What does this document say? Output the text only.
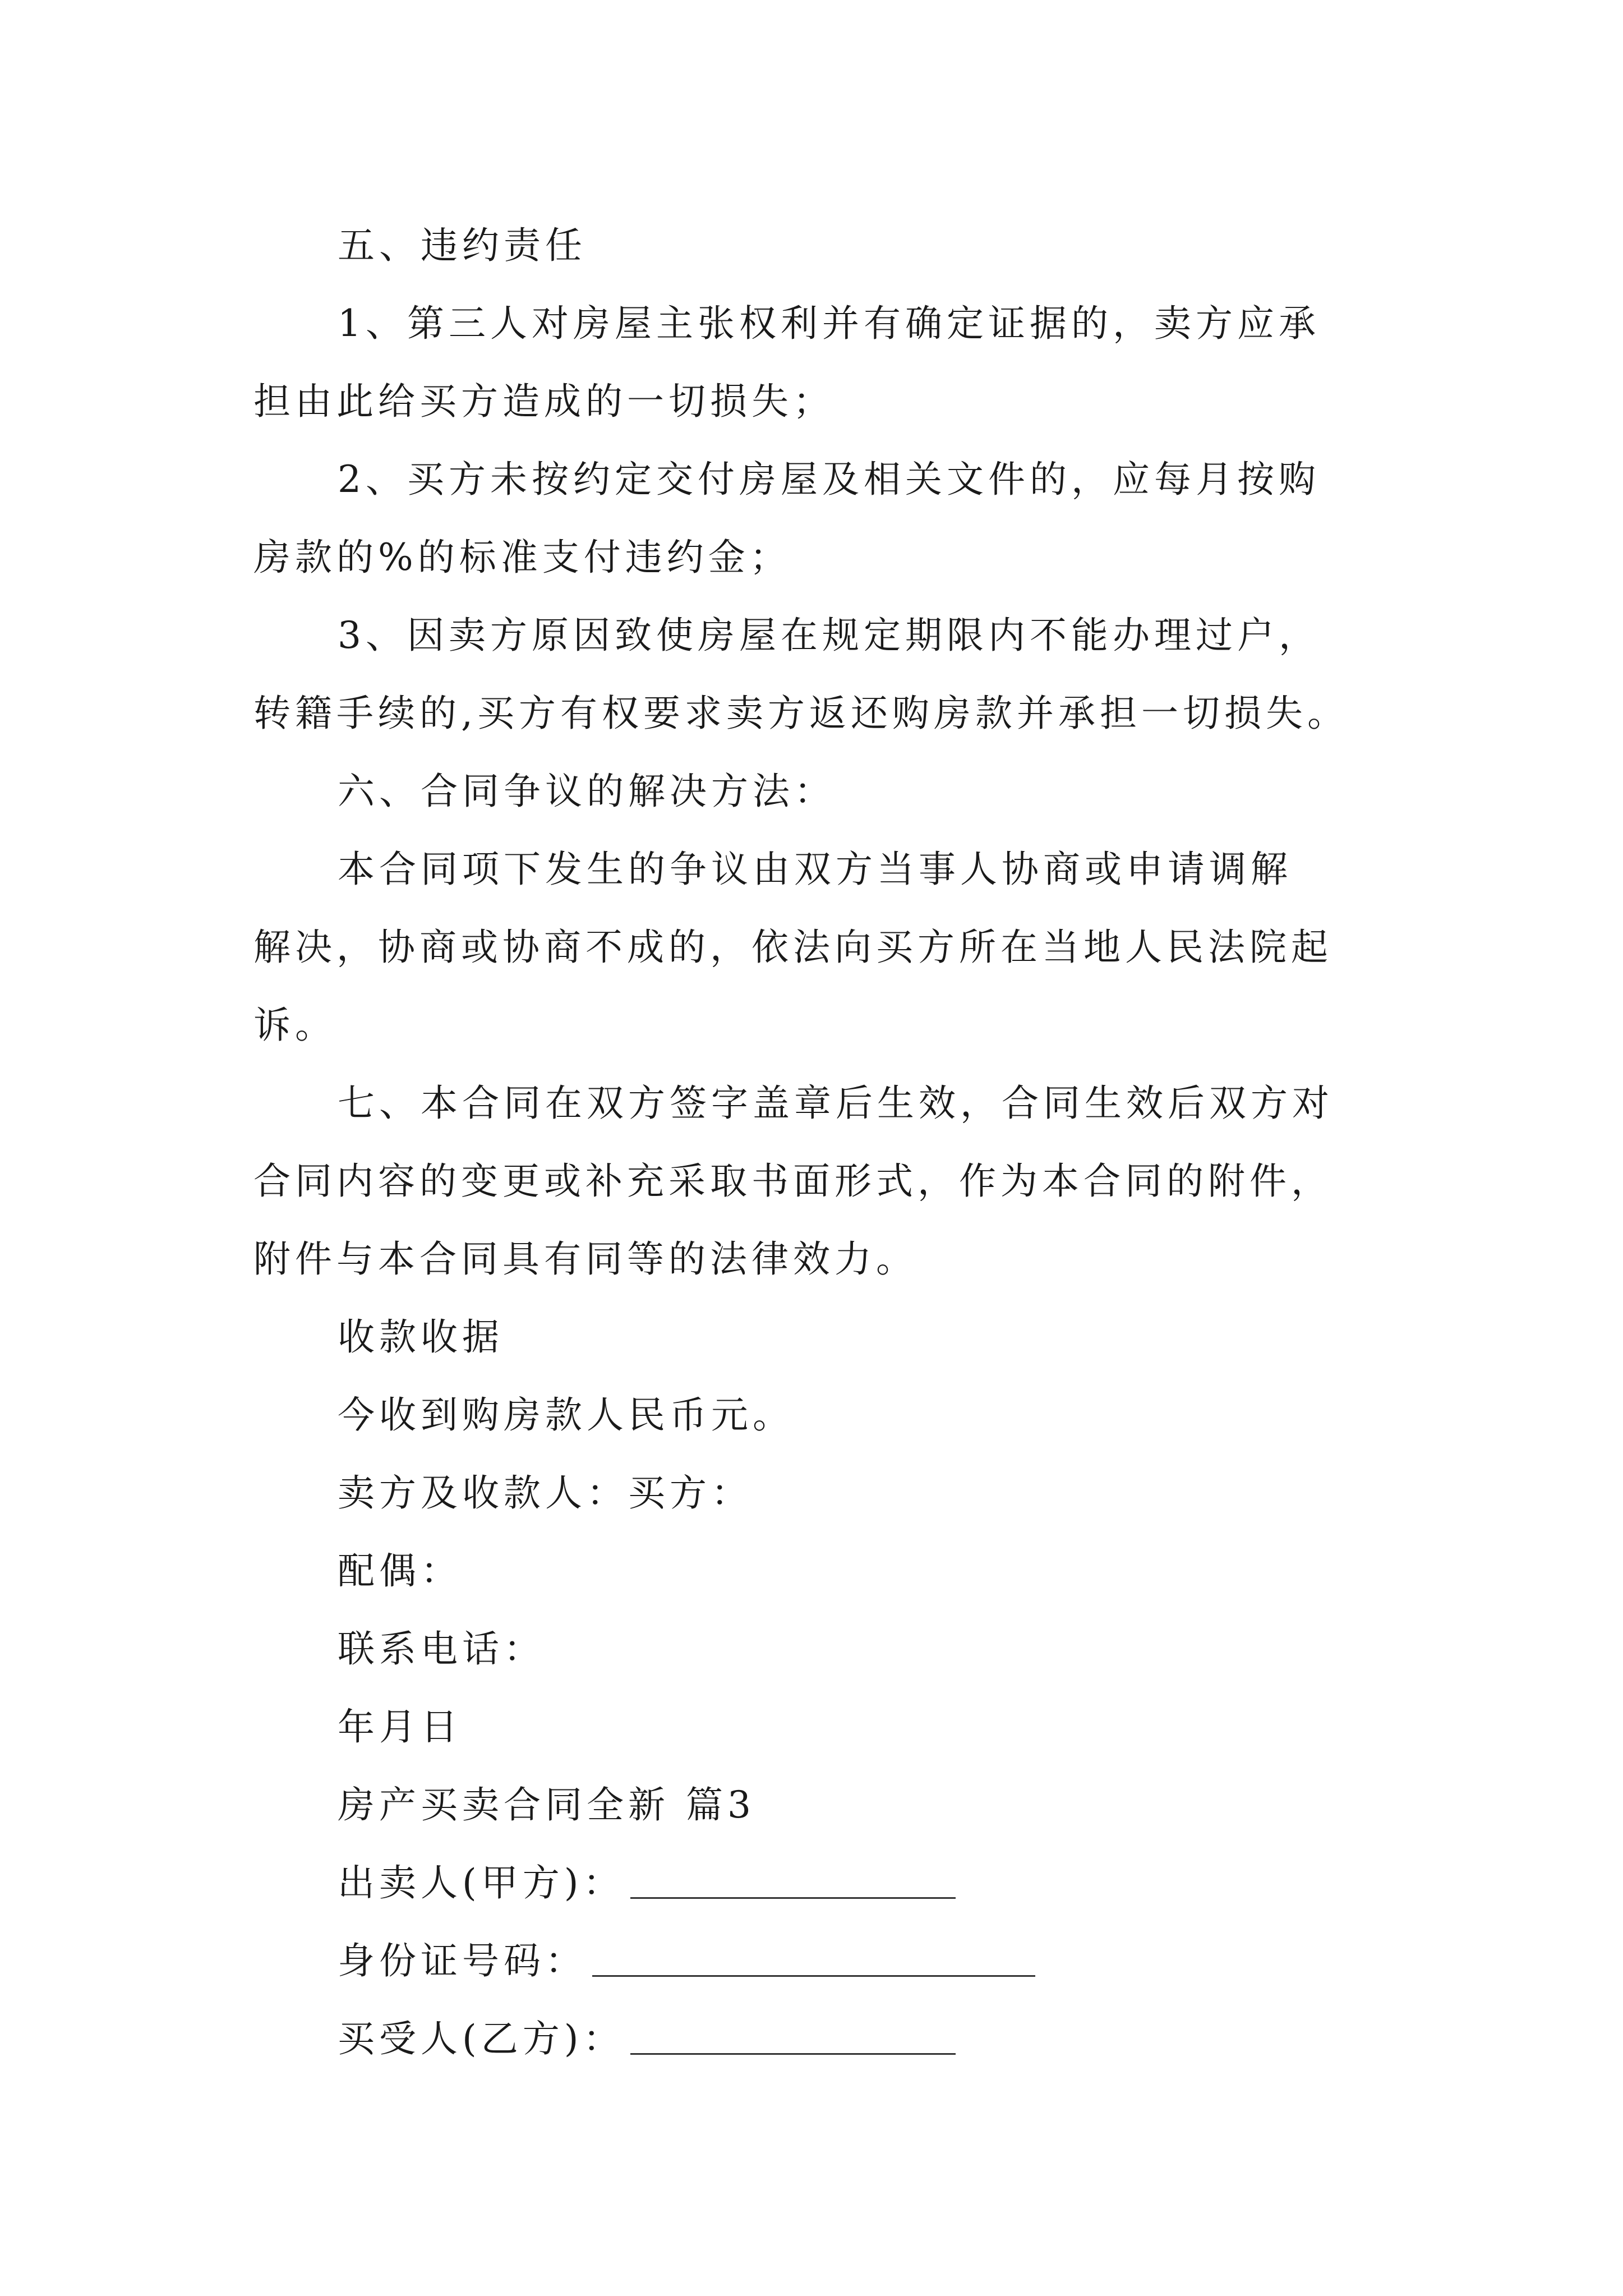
五、违约责任
1、第三人对房屋主张权利并有确定证据的，卖方应承
担由此给买方造成的一切损失；
2、买方未按约定交付房屋及相关文件的，应每月按购
房款的%的标准支付违约金；
3、因卖方原因致使房屋在规定期限内不能办理过户，
转籍手续的,买方有权要求卖方返还购房款并承担一切损失。
六、合同争议的解决方法：
本合同项下发生的争议由双方当事人协商或申请调解
解决，协商或协商不成的，依法向买方所在当地人民法院起
诉。
七、本合同在双方签字盖章后生效，合同生效后双方对
合同内容的变更或补充采取书面形式，作为本合同的附件，
附件与本合同具有同等的法律效力。
收款收据
今收到购房款人民币元。
卖方及收款人：买方：
配偶：
联系电话：
年月日
房产买卖合同全新 篇3
出卖人(甲方)：
身份证号码：
买受人(乙方)：
